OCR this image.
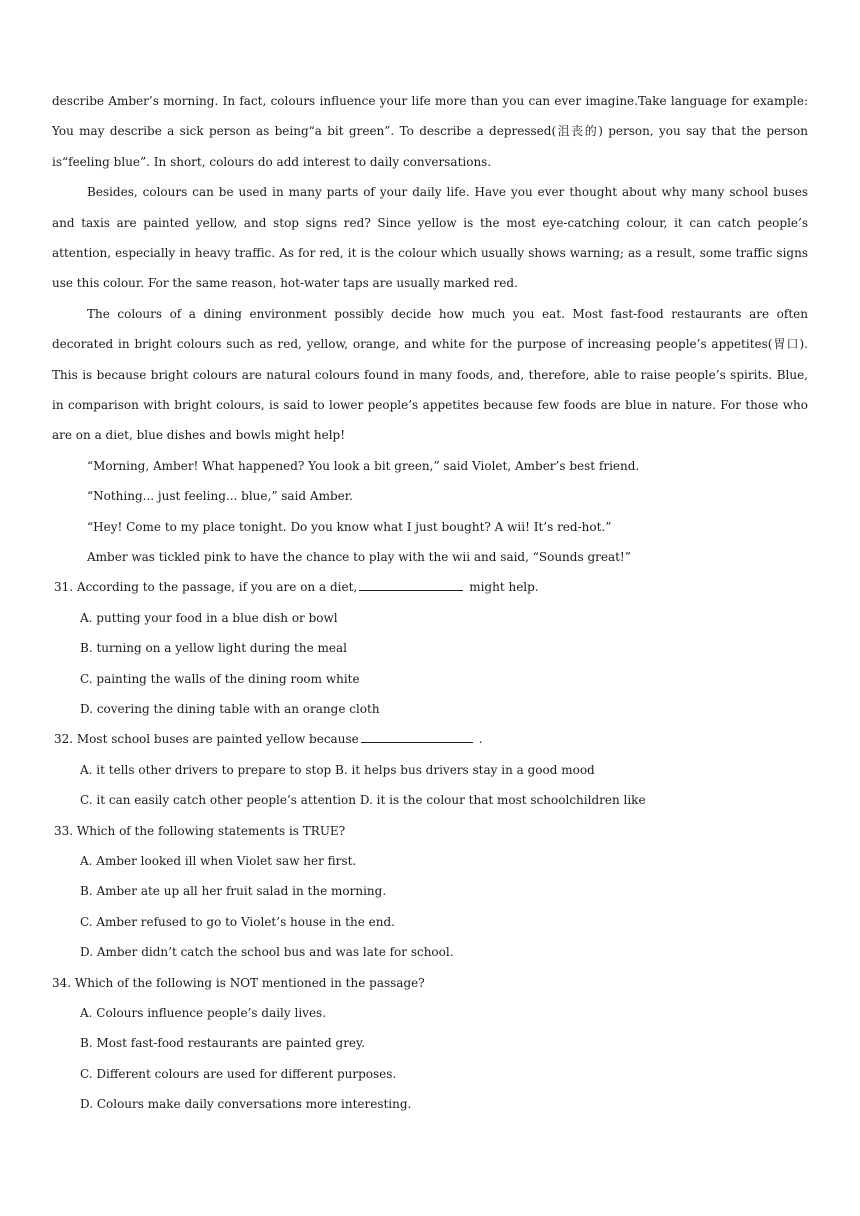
describe Amber’s morning. In fact, colours influence your life more than you can ever imagine.Take language for example: You may describe a sick person as being“a bit green”. To describe a depressed(沮丧的) person, you say that the person is“feeling blue”. In short, colours do add interest to daily conversations.

Besides, colours can be used in many parts of your daily life. Have you ever thought about why many school buses and taxis are painted yellow, and stop signs red? Since yellow is the most eye-catching colour, it can catch people’s attention, especially in heavy traffic. As for red, it is the colour which usually shows warning; as a result, some traffic signs use this colour. For the same reason, hot-water taps are usually marked red.

The colours of a dining environment possibly decide how much you eat. Most fast-food restaurants are often decorated in bright colours such as red, yellow, orange, and white for the purpose of increasing people’s appetites(胃口). This is because bright colours are natural colours found in many foods, and, therefore, able to raise people’s spirits. Blue, in comparison with bright colours, is said to lower people’s appetites because few foods are blue in nature. For those who are on a diet, blue dishes and bowls might help!

“Morning, Amber! What happened? You look a bit green,” said Violet, Amber’s best friend.

“Nothing... just feeling... blue,” said Amber.

“Hey! Come to my place tonight. Do you know what I just bought? A wii! It’s red-hot.”

Amber was tickled pink to have the chance to play with the wii and said, “Sounds great!”

31. According to the passage, if you are on a diet,	might help.

A. putting your food in a blue dish or bowl

B. turning on a yellow light during the meal

C. painting the walls of the dining room white

D. covering the dining table with an orange cloth

32. Most school buses are painted yellow because	.

A. it tells other drivers to prepare to stop B. it helps bus drivers stay in a good mood

C. it can easily catch other people’s attention D. it is the colour that most schoolchildren like

33. Which of the following statements is TRUE?

A. Amber looked ill when Violet saw her first.

B. Amber ate up all her fruit salad in the morning.

C. Amber refused to go to Violet’s house in the end.

D. Amber didn’t catch the school bus and was late for school.

34. Which of the following is NOT mentioned in the passage?

A. Colours influence people’s daily lives.

B. Most fast-food restaurants are painted grey.

C. Different colours are used for different purposes.

D. Colours make daily conversations more interesting.
